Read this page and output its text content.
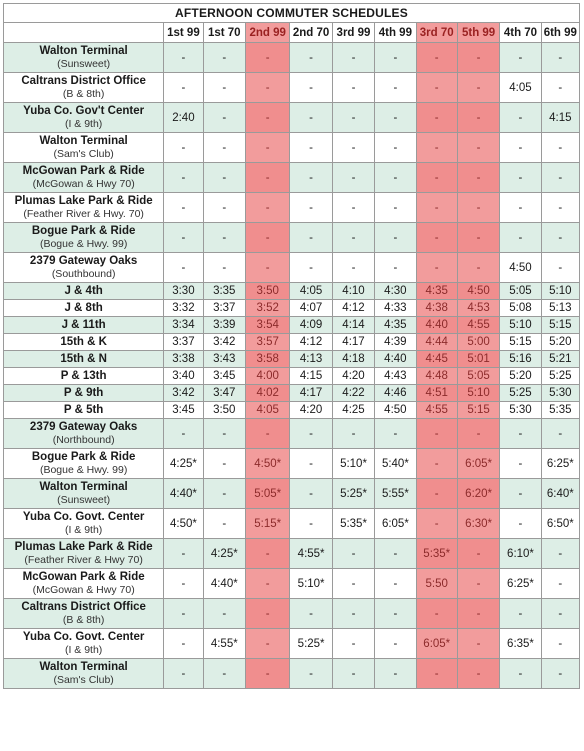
AFTERNOON COMMUTER SCHEDULES										
	1st 99	1st 70	2nd 99	2nd 70	3rd 99	4th 99	3rd 70	5th 99	4th 70	6th 99

Walton Terminal
(Sunsweet)	-	-	-	-	-	-	-	-	-	-

Caltrans District Office
(B & 8th)	-	-	-	-	-	-	-	-	4:05	-

Yuba Co. Gov't Center
(I & 9th)	2:40	-	-	-	-	-	-	-	-	4:15

Walton Terminal
(Sam's Club)	-	-	-	-	-	-	-	-	-	-

McGowan Park & Ride
(McGowan & Hwy 70)	-	-	-	-	-	-	-	-	-	-

Plumas Lake Park & Ride
(Feather River & Hwy. 70)	-	-	-	-	-	-	-	-	-	-

Bogue Park & Ride
(Bogue & Hwy. 99)	-	-	-	-	-	-	-	-	-	-

2379 Gateway Oaks
(Southbound)	-	-	-	-	-	-	-	-	4:50	-

J & 4th	3:30	3:35	3:50	4:05	4:10	4:30	4:35	4:50	5:05	5:10

J & 8th	3:32	3:37	3:52	4:07	4:12	4:33	4:38	4:53	5:08	5:13

J & 11th	3:34	3:39	3:54	4:09	4:14	4:35	4:40	4:55	5:10	5:15

15th & K	3:37	3:42	3:57	4:12	4:17	4:39	4:44	5:00	5:15	5:20

15th & N	3:38	3:43	3:58	4:13	4:18	4:40	4:45	5:01	5:16	5:21

P & 13th	3:40	3:45	4:00	4:15	4:20	4:43	4:48	5:05	5:20	5:25

P & 9th	3:42	3:47	4:02	4:17	4:22	4:46	4:51	5:10	5:25	5:30

P & 5th	3:45	3:50	4:05	4:20	4:25	4:50	4:55	5:15	5:30	5:35

2379 Gateway Oaks
(Northbound)	-	-	-	-	-	-	-	-	-	-

Bogue Park & Ride
(Bogue & Hwy. 99)	4:25*	-	4:50*	-	5:10*	5:40*	-	6:05*	-	6:25*

Walton Terminal
(Sunsweet)	4:40*	-	5:05*	-	5:25*	5:55*	-	6:20*	-	6:40*

Yuba Co. Govt. Center
(I & 9th)	4:50*	-	5:15*	-	5:35*	6:05*	-	6:30*	-	6:50*

Plumas Lake Park & Ride
(Feather River & Hwy 70)	-	4:25*	-	4:55*	-	-	5:35*	-	6:10*	-

McGowan Park & Ride
(McGowan & Hwy 70)	-	4:40*	-	5:10*	-	-	5:50	-	6:25*	-

Caltrans District Office
(B & 8th)	-	-	-	-	-	-	-	-	-	-

Yuba Co. Govt. Center
(I & 9th)	-	4:55*	-	5:25*	-	-	6:05*	-	6:35*	-

Walton Terminal
(Sam's Club)	-	-	-	-	-	-	-	-	-	-
